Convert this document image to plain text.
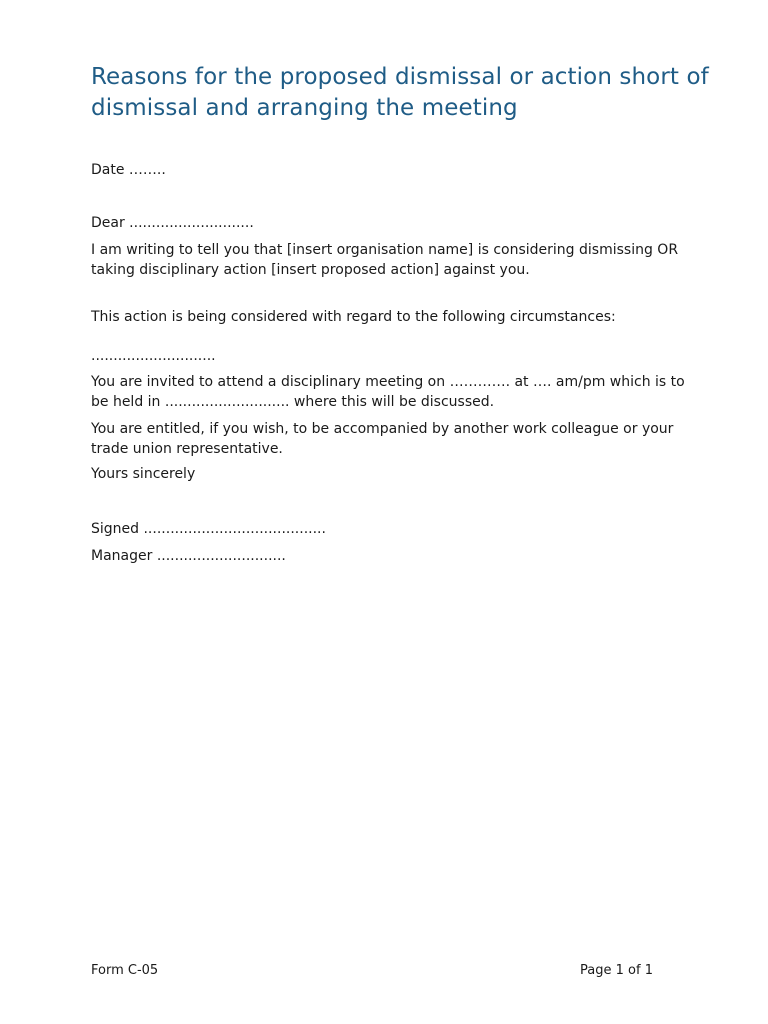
Reasons for the proposed dismissal or action short of dismissal and arranging the meeting

Date ……..

Dear ............................

I am writing to tell you that [insert organisation name] is considering dismissing OR taking disciplinary action [insert proposed action] against you.

This action is being considered with regard to the following circumstances:

............................

You are invited to attend a disciplinary meeting on …………. at …. am/pm which is to be held in ............................ where this will be discussed.

You are entitled, if you wish, to be accompanied by another work colleague or your trade union representative.

Yours sincerely

Signed .........................................

Manager .............................

Form C-05	Page 1 of 1
